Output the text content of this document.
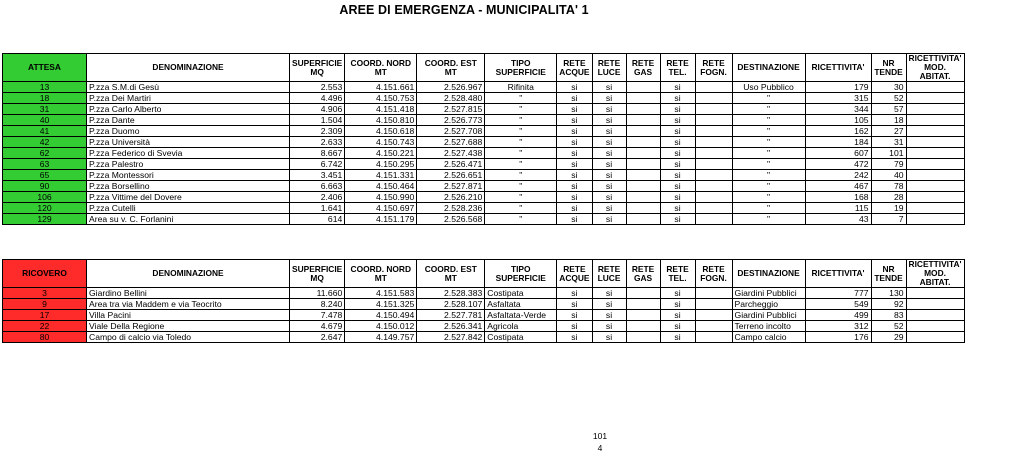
AREE DI EMERGENZA - MUNICIPALITA' 1
ATTESA	DENOMINAZIONE	SUPERFICIE MQ	COORD. NORD MT	COORD. EST MT	TIPO SUPERFICIE	RETE ACQUE	RETE LUCE	RETE GAS	RETE TEL.	RETE FOGN.	DESTINAZIONE	RICETTIVITA'	NR TENDE	RICETTIVITA' MOD. ABITAT.
13	P.zza S.M.di Gesù	2.553	4.151.661	2.526.967	Rifinita	si	si		si		Uso Pubblico	179	30	
18	P.zza Dei Martiri	4.496	4.150.753	2.528.480	"	si	si		si		"	315	52	
31	P.zza Carlo Alberto	4.906	4.151.418	2.527.815	"	si	si		si		"	344	57	
40	P.zza Dante	1.504	4.150.810	2.526.773	"	si	si		si		"	105	18	
41	P.zza Duomo	2.309	4.150.618	2.527.708	"	si	si		si		"	162	27	
42	P.zza Università	2.633	4.150.743	2.527.688	"	si	si		si		"	184	31	
62	P.zza Federico di Svevia	8.667	4.150.221	2.527.438	"	si	si		si		"	607	101	
63	P.zza Palestro	6.742	4.150.295	2.526.471	"	si	si		si		"	472	79	
65	P.zza Montessori	3.451	4.151.331	2.526.651	"	si	si		si		"	242	40	
90	P.zza Borsellino	6.663	4.150.464	2.527.871	"	si	si		si		"	467	78	
106	P.zza Vittime del Dovere	2.406	4.150.990	2.526.210	"	si	si		si		"	168	28	
120	P.zza Cutelli	1.641	4.150.697	2.528.236	"	si	si		si		"	115	19	
129	Area su v. C. Forlanini	614	4.151.179	2.526.568	"	si	si		si		"	43	7	
RICOVERO	DENOMINAZIONE	SUPERFICIE MQ	COORD. NORD MT	COORD. EST MT	TIPO SUPERFICIE	RETE ACQUE	RETE LUCE	RETE GAS	RETE TEL.	RETE FOGN.	DESTINAZIONE	RICETTIVITA'	NR TENDE	RICETTIVITA' MOD. ABITAT.
3	Giardino Bellini	11.660	4.151.583	2.528.383	Costipata	si	si		si		Giardini Pubblici	777	130	
9	Area tra via Maddem e via Teocrito	8.240	4.151.325	2.528.107	Asfaltata	si	si		si		Parcheggio	549	92	
17	Villa Pacini	7.478	4.150.494	2.527.781	Asfaltata-Verde	si	si		si		Giardini Pubblici	499	83	
22	Viale Della Regione	4.679	4.150.012	2.526.341	Agricola	si	si		si		Terreno incolto	312	52	
80	Campo di calcio via Toledo	2.647	4.149.757	2.527.842	Costipata	si	si		si		Campo calcio	176	29	
101
4
